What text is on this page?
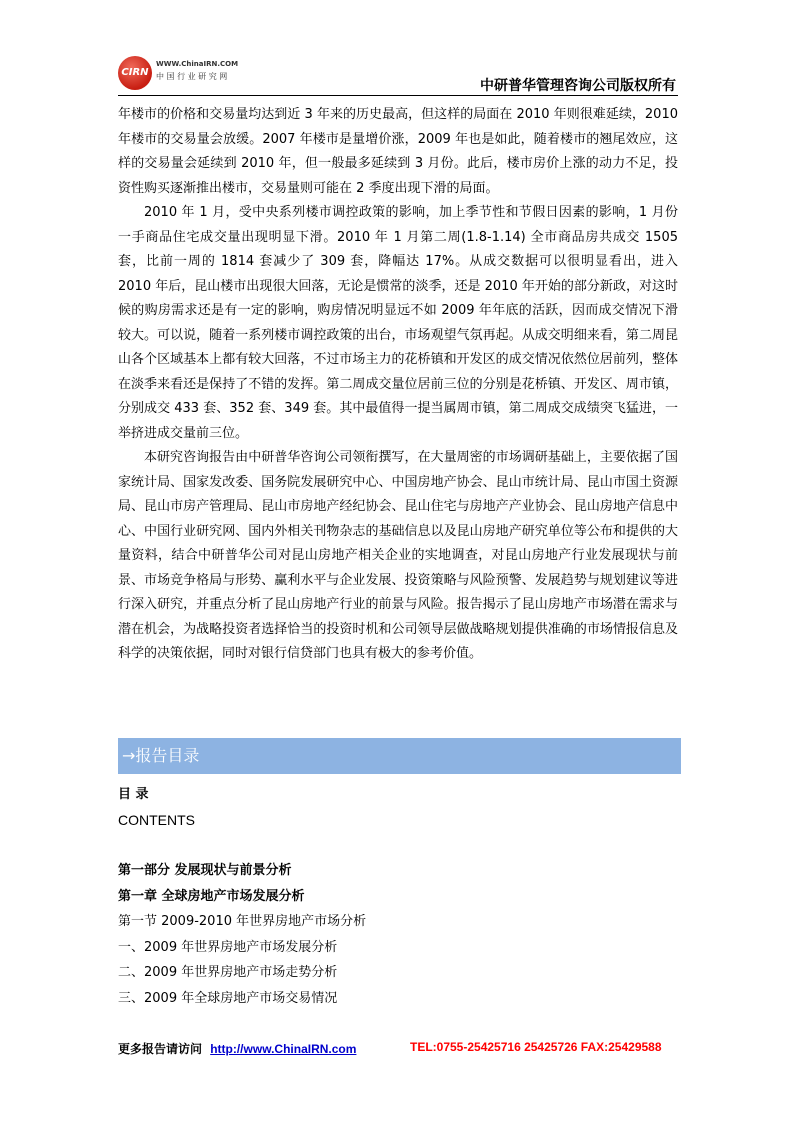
CIRN
WWW.ChinaIRN.COM
中 国 行 业 研 究 网
中研普华管理咨询公司版权所有

年楼市的价格和交易量均达到近 3 年来的历史最高，但这样的局面在 2010 年则很难延续，2010 年楼市的交易量会放缓。2007 年楼市是量增价涨，2009 年也是如此，随着楼市的翘尾效应，这样的交易量会延续到 2010 年，但一般最多延续到 3 月份。此后，楼市房价上涨的动力不足，投资性购买逐渐推出楼市，交易量则可能在 2 季度出现下滑的局面。

2010 年 1 月，受中央系列楼市调控政策的影响，加上季节性和节假日因素的影响，1 月份一手商品住宅成交量出现明显下滑。2010 年 1 月第二周(1.8-1.14) 全市商品房共成交 1505 套，比前一周的 1814 套减少了 309 套，降幅达 17%。从成交数据可以很明显看出，进入 2010 年后，昆山楼市出现很大回落，无论是惯常的淡季，还是 2010 年开始的部分新政，对这时候的购房需求还是有一定的影响，购房情况明显远不如 2009 年年底的活跃，因而成交情况下滑较大。可以说，随着一系列楼市调控政策的出台，市场观望气氛再起。从成交明细来看，第二周昆山各个区域基本上都有较大回落，不过市场主力的花桥镇和开发区的成交情况依然位居前列，整体在淡季来看还是保持了不错的发挥。第二周成交量位居前三位的分别是花桥镇、开发区、周市镇，分别成交 433 套、352 套、349 套。其中最值得一提当属周市镇，第二周成交成绩突飞猛进，一举挤进成交量前三位。

本研究咨询报告由中研普华咨询公司领衔撰写，在大量周密的市场调研基础上，主要依据了国家统计局、国家发改委、国务院发展研究中心、中国房地产协会、昆山市统计局、昆山市国土资源局、昆山市房产管理局、昆山市房地产经纪协会、昆山住宅与房地产产业协会、昆山房地产信息中心、中国行业研究网、国内外相关刊物杂志的基础信息以及昆山房地产研究单位等公布和提供的大量资料，结合中研普华公司对昆山房地产相关企业的实地调查，对昆山房地产行业发展现状与前景、市场竞争格局与形势、赢利水平与企业发展、投资策略与风险预警、发展趋势与规划建议等进行深入研究，并重点分析了昆山房地产行业的前景与风险。报告揭示了昆山房地产市场潜在需求与潜在机会，为战略投资者选择恰当的投资时机和公司领导层做战略规划提供准确的市场情报信息及科学的决策依据，同时对银行信贷部门也具有极大的参考价值。

→报告目录
目 录
CONTENTS
第一部分 发展现状与前景分析
第一章 全球房地产市场发展分析
第一节 2009-2010 年世界房地产市场分析
一、2009 年世界房地产市场发展分析
二、2009 年世界房地产市场走势分析
三、2009 年全球房地产市场交易情况
更多报告请访问 http://www.ChinaIRN.com	TEL:0755-25425716 25425726 FAX:25429588
